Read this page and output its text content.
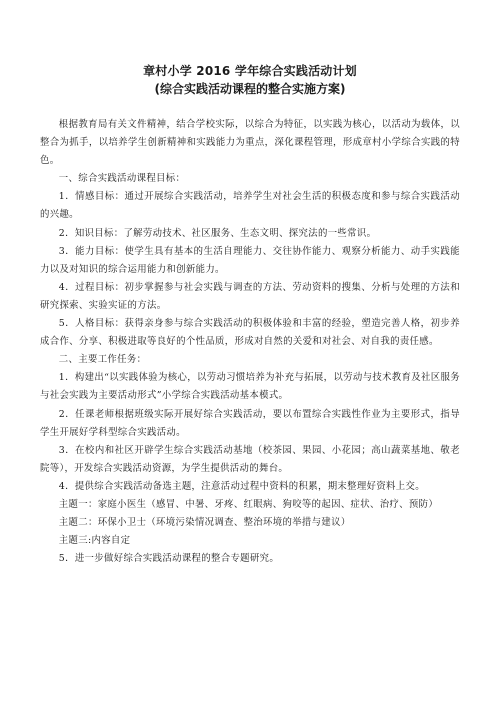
章村小学 2016 学年综合实践活动计划
(综合实践活动课程的整合实施方案)

根据教育局有关文件精神，结合学校实际，以综合为特征，以实践为核心，以活动为载体，以整合为抓手，以培养学生创新精神和实践能力为重点，深化课程管理，形成章村小学综合实践的特色。

一、综合实践活动课程目标：

1．情感目标：通过开展综合实践活动，培养学生对社会生活的积极态度和参与综合实践活动的兴趣。

2．知识目标：了解劳动技术、社区服务、生态文明、探究法的一些常识。

3．能力目标：使学生具有基本的生活自理能力、交往协作能力、观察分析能力、动手实践能力以及对知识的综合运用能力和创新能力。

4．过程目标：初步掌握参与社会实践与调查的方法、劳动资料的搜集、分析与处理的方法和研究探索、实验实证的方法。

5．人格目标：获得亲身参与综合实践活动的积极体验和丰富的经验，塑造完善人格，初步养成合作、分享、积极进取等良好的个性品质，形成对自然的关爱和对社会、对自我的责任感。

二、主要工作任务：

1．构建出“以实践体验为核心，以劳动习惯培养为补充与拓展，以劳动与技术教育及社区服务与社会实践为主要活动形式”小学综合实践活动基本模式。

2．任课老师根据班级实际开展好综合实践活动，要以布置综合实践性作业为主要形式，指导学生开展好学科型综合实践活动。

3．在校内和社区开辟学生综合实践活动基地（校茶园、果园、小花园；高山蔬菜基地、敬老院等），开发综合实践活动资源，为学生提供活动的舞台。

4．提供综合实践活动备选主题，注意活动过程中资料的积累，期末整理好资料上交。

主题一：家庭小医生（感冒、中暑、牙疼、红眼病、狗咬等的起因、症状、治疗、预防）

主题二：环保小卫士（环境污染情况调查、整治环境的举措与建议）

主题三:内容自定

5．进一步做好综合实践活动课程的整合专题研究。
